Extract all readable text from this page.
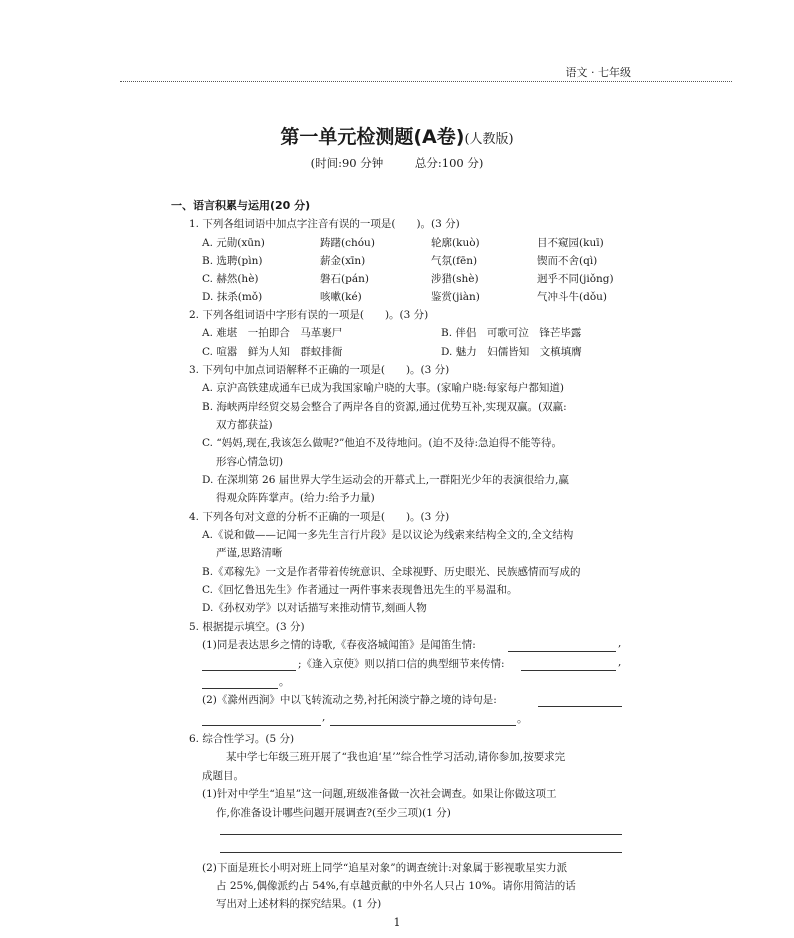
语文 · 七年级
第一单元检测题(A卷)(人教版)
(时间:90 分钟	总分:100 分)
一、语言积累与运用(20 分)
1. 下列各组词语中加点字注音有误的一项是(　　)。(3 分)
A. 元勋(xūn)	踌躇(chóu)	轮廓(kuò)	目不窥园(kuī)
B. 选聘(pìn)	薪金(xīn)	气氛(fēn)	锲而不舍(qì)
C. 赫然(hè)	磐石(pán)	涉猎(shè)	迥乎不同(jiǒng)
D. 抹杀(mǒ)	咳嗽(ké)	鉴赏(jiàn)	气冲斗牛(dǒu)
2. 下列各组词语中字形有误的一项是(　　)。(3 分)
A. 难堪　一拍即合　马革裹尸	B. 伴侣　可歌可泣　锋芒毕露
C. 喧嚣　鲜为人知　群蚁排衙	D. 魅力　妇儒皆知　文槙填膺
3. 下列句中加点词语解释不正确的一项是(　　)。(3 分)
A. 京沪高铁建成通车已成为我国家喻户晓的大事。(家喻户晓:每家每户都知道)
B. 海峡两岸经贸交易会整合了两岸各自的资源,通过优势互补,实现双赢。(双赢:
双方都获益)
C. “妈妈,现在,我该怎么做呢?”他迫不及待地问。(迫不及待:急迫得不能等待。
形容心情急切)
D. 在深圳第 26 届世界大学生运动会的开幕式上,一群阳光少年的表演很给力,赢
得观众阵阵掌声。(给力:给予力量)
4. 下列各句对文意的分析不正确的一项是(　　)。(3 分)
A.《说和做——记闻一多先生言行片段》是以议论为线索来结构全文的,全文结构
严谨,思路清晰
B.《邓稼先》一文是作者带着传统意识、全球视野、历史眼光、民族感情而写成的
C.《回忆鲁迅先生》作者通过一两件事来表现鲁迅先生的平易温和。
D.《孙权劝学》以对话描写来推动情节,刻画人物
5. 根据提示填空。(3 分)
(1)同是表达思乡之情的诗歌,《春夜洛城闻笛》是闻笛生情:	,
;《逢入京使》则以捎口信的典型细节来传情:	,
。
(2)《滁州西涧》中以飞转流动之势,衬托闲淡宁静之境的诗句是:
,	。
6. 综合性学习。(5 分)
某中学七年级三班开展了“我也追‘星’”综合性学习活动,请你参加,按要求完
成题目。
(1)针对中学生“追星”这一问题,班级准备做一次社会调查。如果让你做这项工
作,你准备设计哪些问题开展调查?(至少三项)(1 分)
(2)下面是班长小明对班上同学“追星对象”的调查统计:对象属于影视歌星实力派
占 25%,偶像派约占 54%,有卓越贡献的中外名人只占 10%。请你用简洁的话
写出对上述材料的探究结果。(1 分)
1
